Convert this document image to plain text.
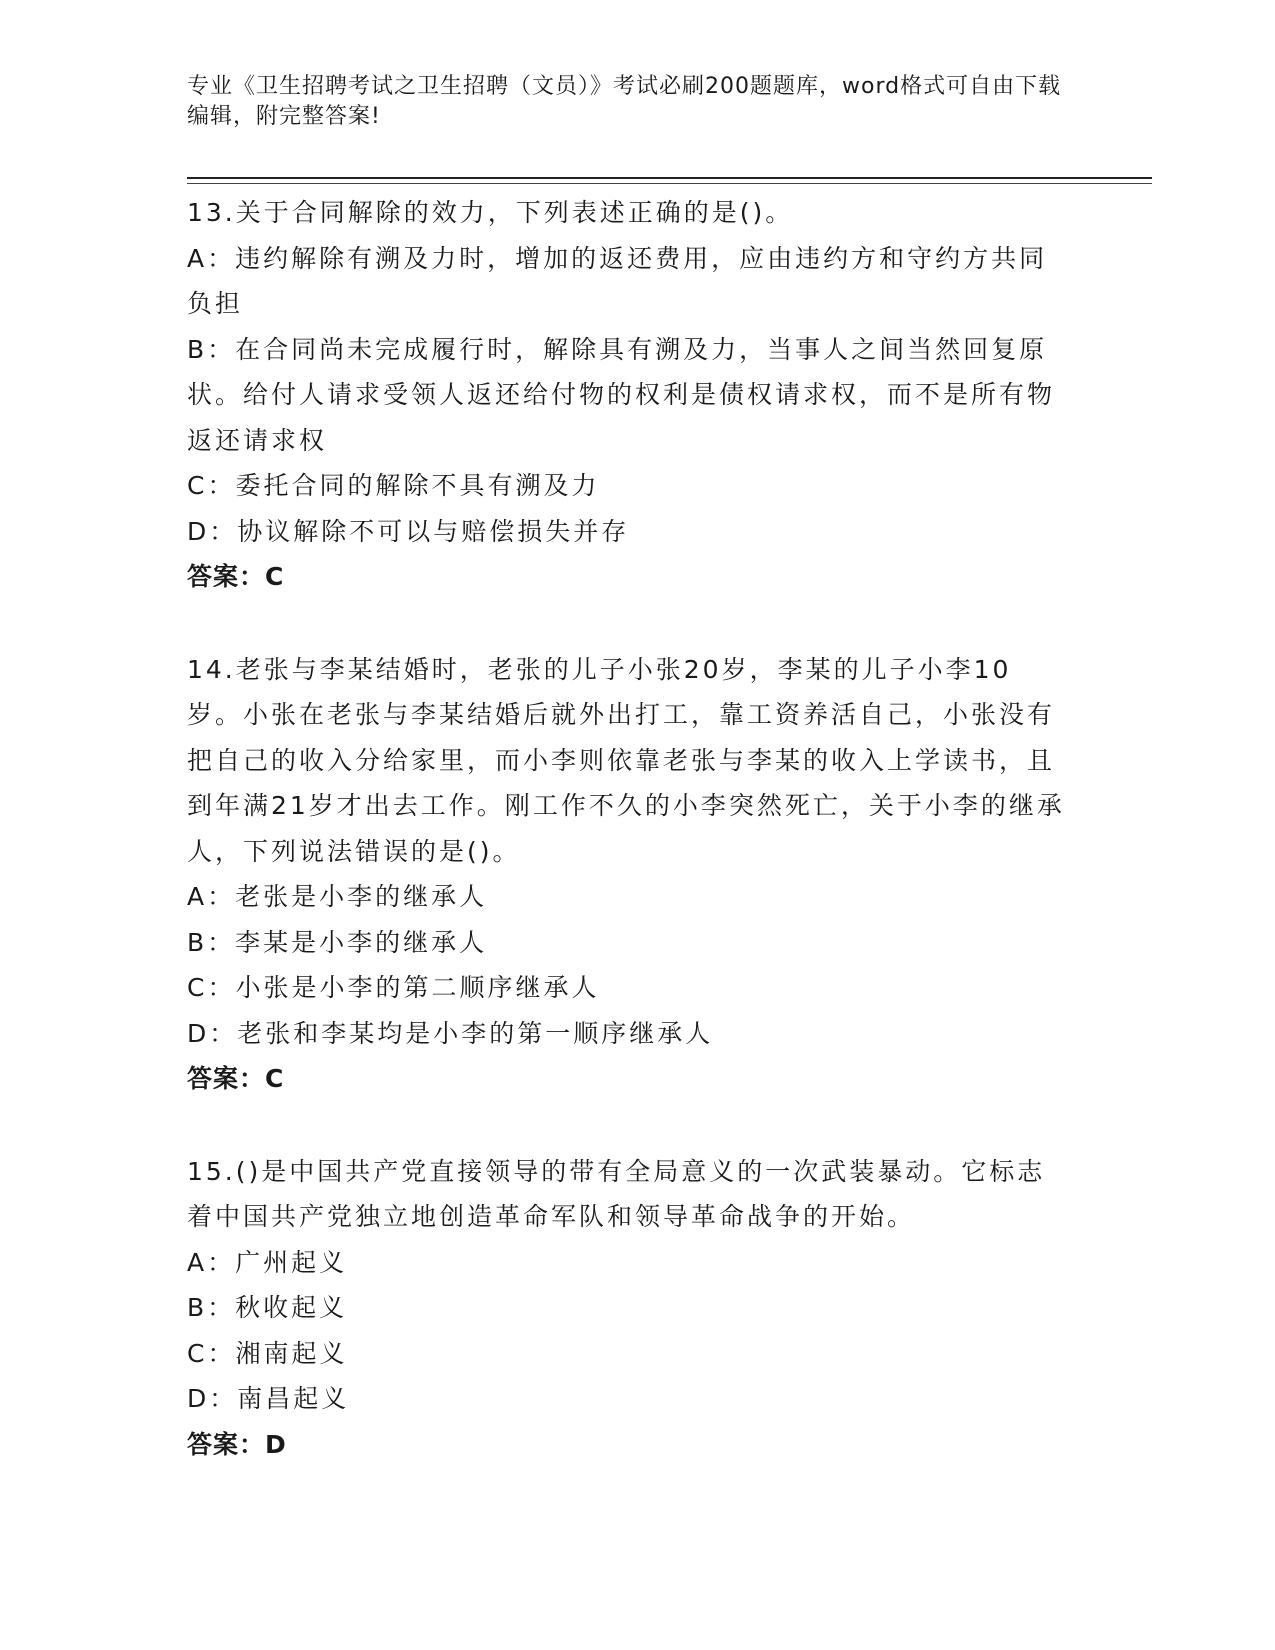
专业《卫生招聘考试之卫生招聘（文员）》考试必刷200题题库，word格式可自由下载编辑，附完整答案!

13.关于合同解除的效力，下列表述正确的是()。

A：违约解除有溯及力时，增加的返还费用，应由违约方和守约方共同负担

B：在合同尚未完成履行时，解除具有溯及力，当事人之间当然回复原状。给付人请求受领人返还给付物的权利是债权请求权，而不是所有物返还请求权

C：委托合同的解除不具有溯及力

D：协议解除不可以与赔偿损失并存

答案：C

14.老张与李某结婚时，老张的儿子小张20岁，李某的儿子小李10岁。小张在老张与李某结婚后就外出打工，靠工资养活自己，小张没有把自己的收入分给家里，而小李则依靠老张与李某的收入上学读书，且到年满21岁才出去工作。刚工作不久的小李突然死亡，关于小李的继承人，下列说法错误的是()。

A：老张是小李的继承人

B：李某是小李的继承人

C：小张是小李的第二顺序继承人

D：老张和李某均是小李的第一顺序继承人

答案：C

15.()是中国共产党直接领导的带有全局意义的一次武装暴动。它标志着中国共产党独立地创造革命军队和领导革命战争的开始。

A：广州起义

B：秋收起义

C：湘南起义

D：南昌起义

答案：D
